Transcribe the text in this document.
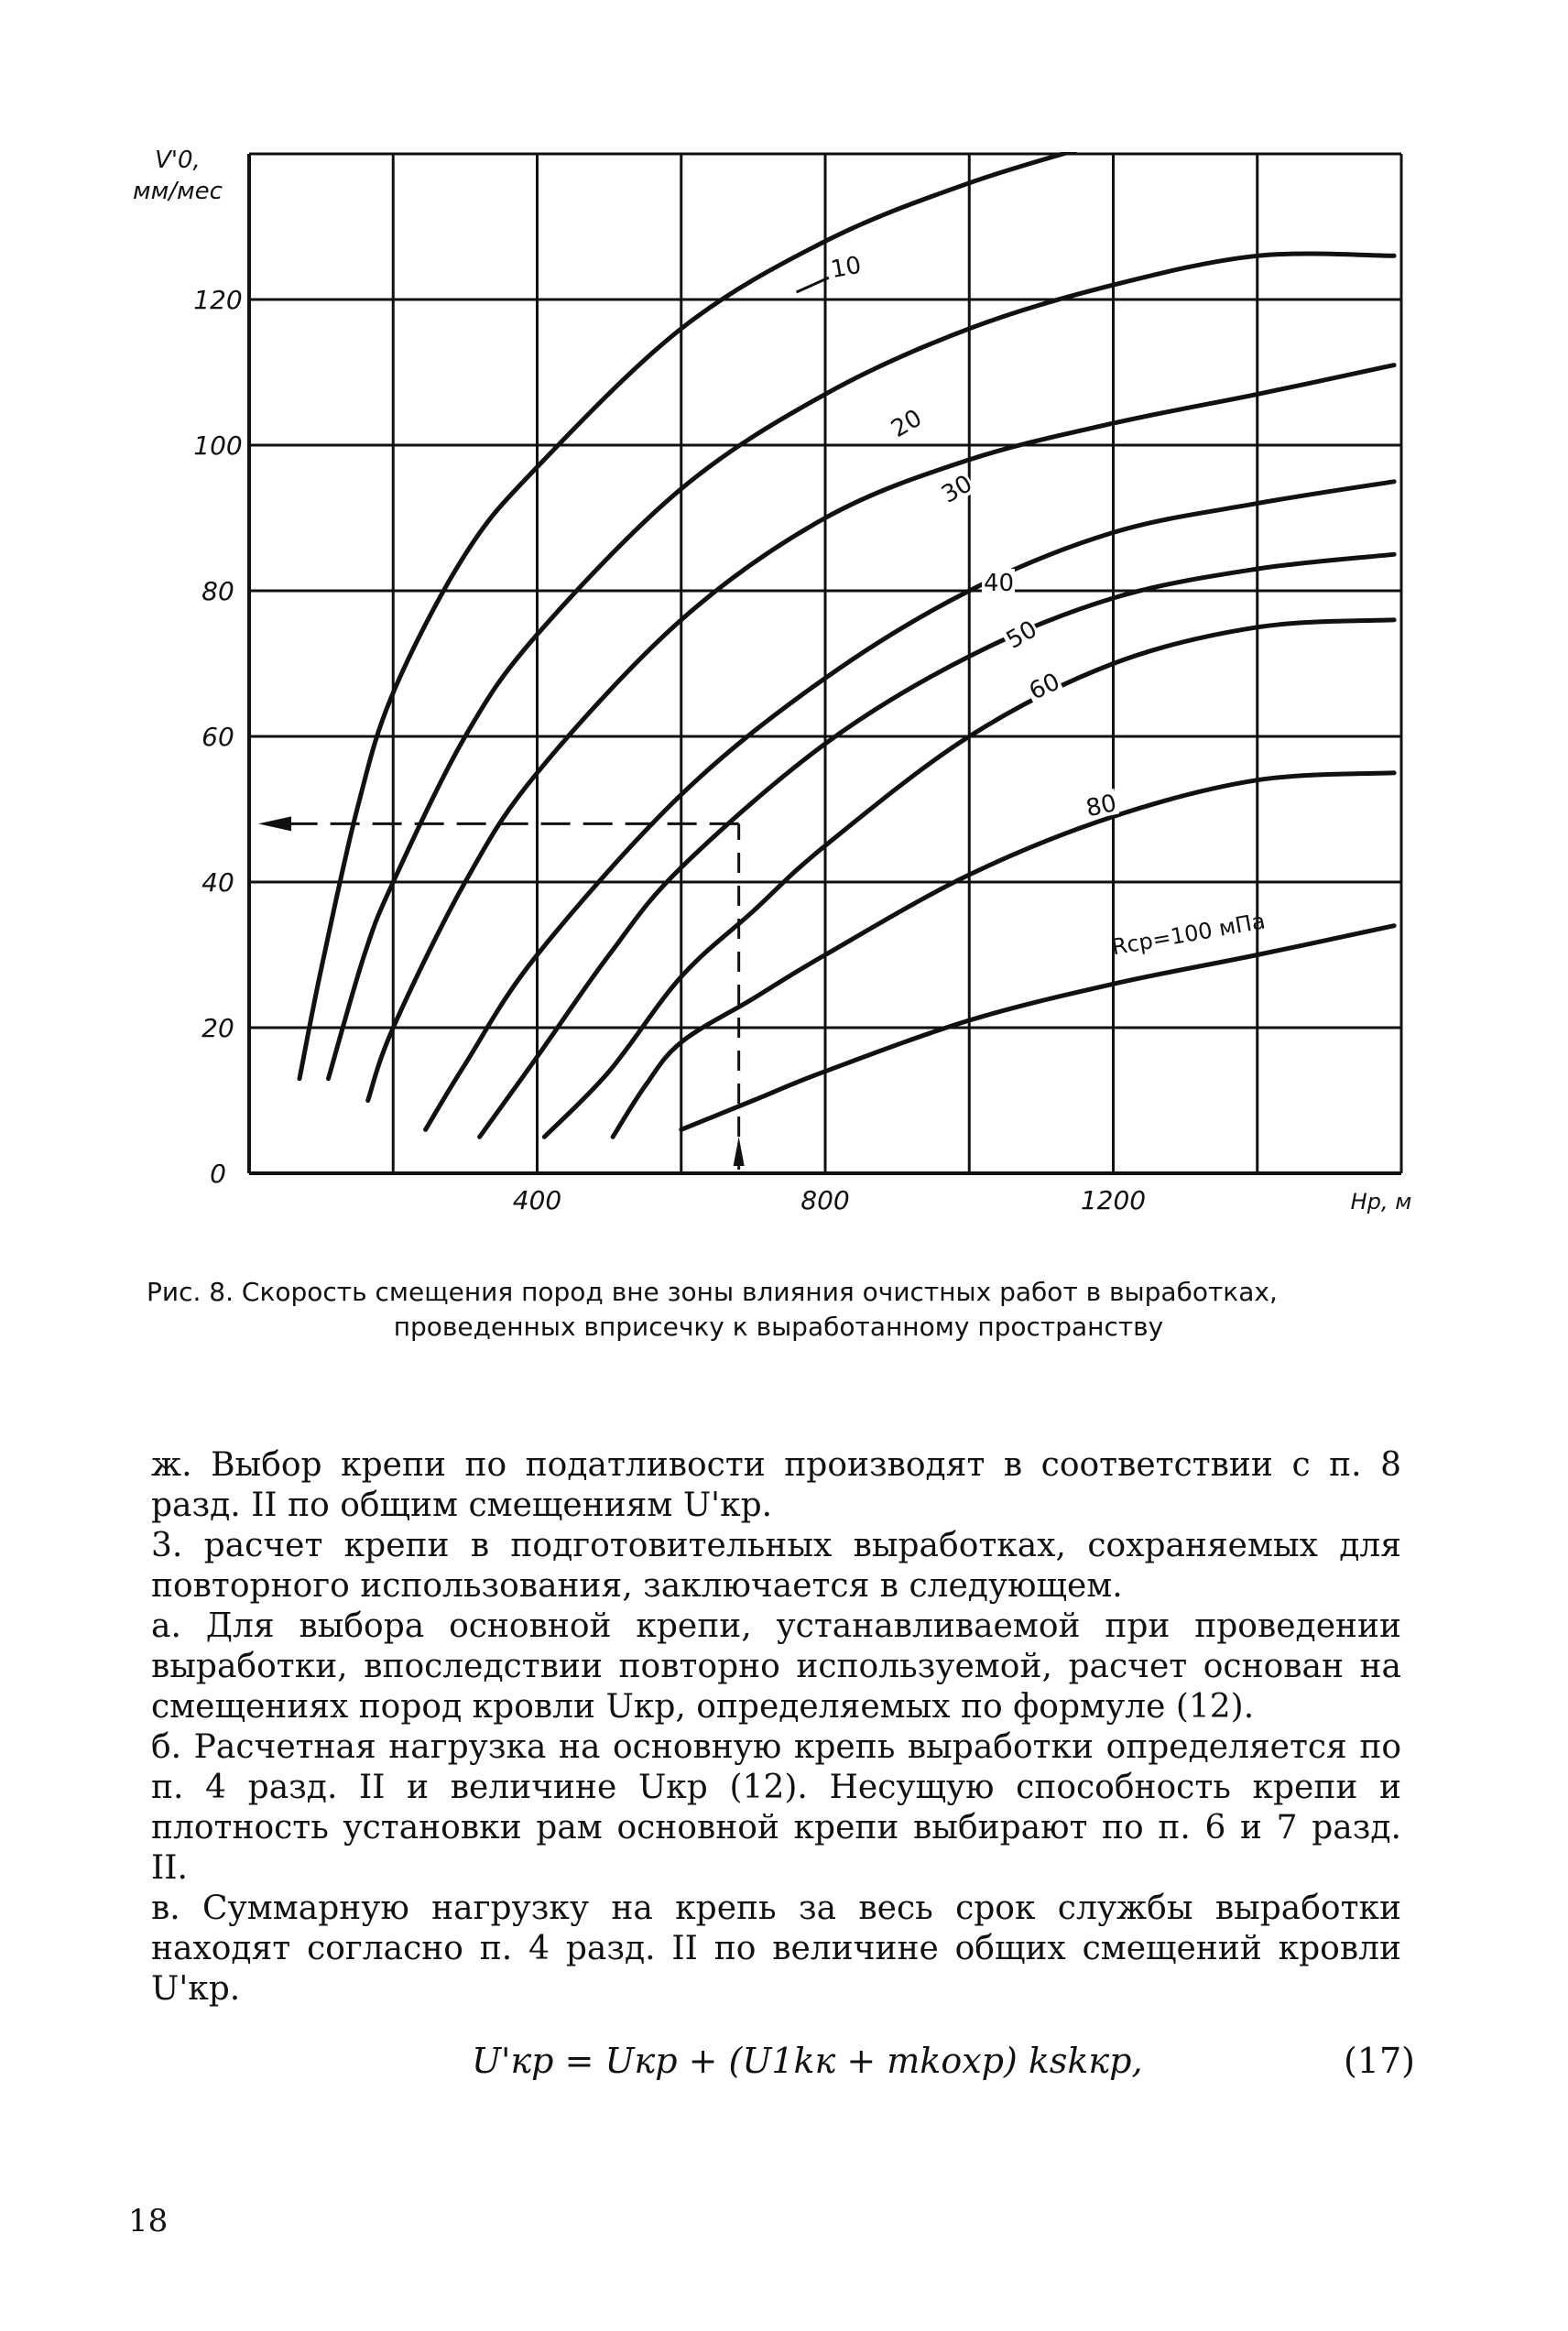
0
20
40
60
80
100
120
400	800	1200	Hp, м
10
20
30
40
50
60
80
Rcp=100 мПа
V'0,
мм/мес
Рис. 8. Скорость смещения пород вне зоны влияния очистных работ в выработках,
проведенных вприсечку к выработанному пространству

ж. Выбор крепи по податливости производят в соответствии с п. 8 разд. II по общим смещениям U'кр.

3. расчет крепи в подготовительных выработках, сохраняемых для повторного использования, заключается в следующем.

а. Для выбора основной крепи, устанавливаемой при проведении выработки, впоследствии повторно используемой, расчет основан на смещениях пород кровли Uкр, определяемых по формуле (12).

б. Расчетная нагрузка на основную крепь выработки определяется по п. 4 разд. II и величине Uкр (12). Несущую способность крепи и плотность установки рам основной крепи выбирают по п. 6 и 7 разд. II.

в. Суммарную нагрузку на крепь за весь срок службы выработки находят согласно п. 4 разд. II по величине общих смещений кровли U'кр.

U'кр = Uкр + (U1kк + mkохр) kskкр,	(17)
18
